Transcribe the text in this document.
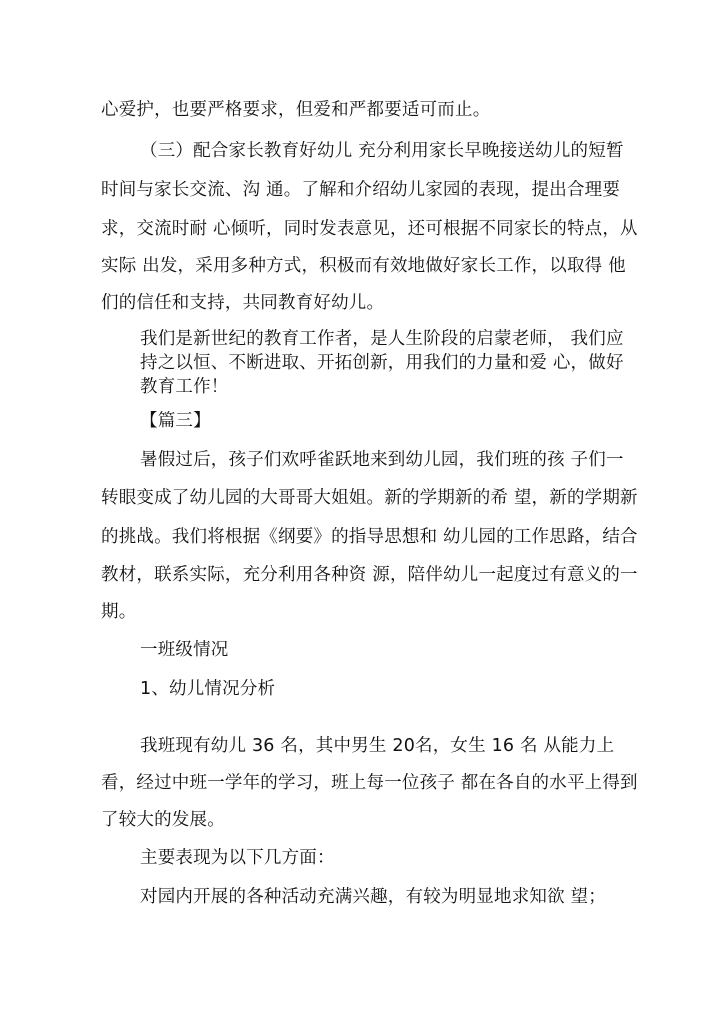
心爱护，也要严格要求，但爱和严都要适可而止。
（三）配合家长教育好幼儿 充分利用家长早晚接送幼儿的短暂
时间与家长交流、沟 通。了解和介绍幼儿家园的表现，提出合理要
求，交流时耐 心倾听，同时发表意见，还可根据不同家长的特点，从
实际 出发，采用多种方式，积极而有效地做好家长工作，以取得 他
们的信任和支持，共同教育好幼儿。
我们是新世纪的教育工作者，是人生阶段的启蒙老师， 我们应
持之以恒、不断进取、开拓创新，用我们的力量和爱 心，做好
教育工作！
【篇三】
暑假过后，孩子们欢呼雀跃地来到幼儿园，我们班的孩 子们一
转眼变成了幼儿园的大哥哥大姐姐。新的学期新的希 望，新的学期新
的挑战。我们将根据《纲要》的指导思想和 幼儿园的工作思路，结合
教材，联系实际，充分利用各种资 源，陪伴幼儿一起度过有意义的一
期。
一班级情况
1、幼儿情况分析
我班现有幼儿 36 名，其中男生 20名，女生 16 名 从能力上
看，经过中班一学年的学习，班上每一位孩子 都在各自的水平上得到
了较大的发展。
主要表现为以下几方面：
对园内开展的各种活动充满兴趣，有较为明显地求知欲 望；
